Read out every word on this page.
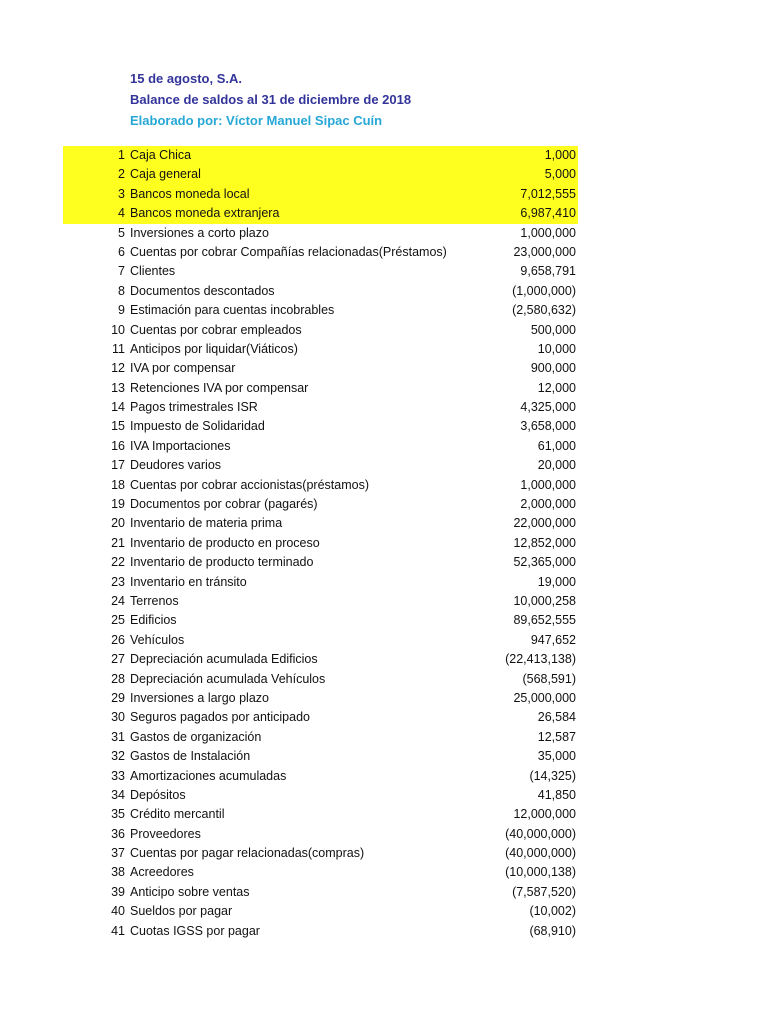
15 de agosto, S.A.
Balance de saldos al 31 de diciembre de 2018
Elaborado por: Víctor Manuel Sipac Cuín
1 Caja Chica	1,000
2 Caja general	5,000
3 Bancos moneda local	7,012,555
4 Bancos moneda extranjera	6,987,410
5 Inversiones a corto plazo	1,000,000
6 Cuentas por cobrar Compañías relacionadas(Préstamos)	23,000,000
7 Clientes	9,658,791
8 Documentos descontados	(1,000,000)
9 Estimación para cuentas incobrables	(2,580,632)
10 Cuentas por cobrar empleados	500,000
11 Anticipos por liquidar(Viáticos)	10,000
12 IVA por compensar	900,000
13 Retenciones IVA por compensar	12,000
14 Pagos trimestrales ISR	4,325,000
15 Impuesto de Solidaridad	3,658,000
16 IVA Importaciones	61,000
17 Deudores varios	20,000
18 Cuentas por cobrar accionistas(préstamos)	1,000,000
19 Documentos por cobrar (pagarés)	2,000,000
20 Inventario de materia prima	22,000,000
21 Inventario de producto en proceso	12,852,000
22 Inventario de producto terminado	52,365,000
23 Inventario en tránsito	19,000
24 Terrenos	10,000,258
25 Edificios	89,652,555
26 Vehículos	947,652
27 Depreciación acumulada Edificios	(22,413,138)
28 Depreciación acumulada Vehículos	(568,591)
29 Inversiones a largo plazo	25,000,000
30 Seguros pagados por anticipado	26,584
31 Gastos de organización	12,587
32 Gastos de Instalación	35,000
33 Amortizaciones acumuladas	(14,325)
34 Depósitos	41,850
35 Crédito mercantil	12,000,000
36 Proveedores	(40,000,000)
37 Cuentas por pagar relacionadas(compras)	(40,000,000)
38 Acreedores	(10,000,138)
39 Anticipo sobre ventas	(7,587,520)
40 Sueldos por pagar	(10,002)
41 Cuotas IGSS por pagar	(68,910)
